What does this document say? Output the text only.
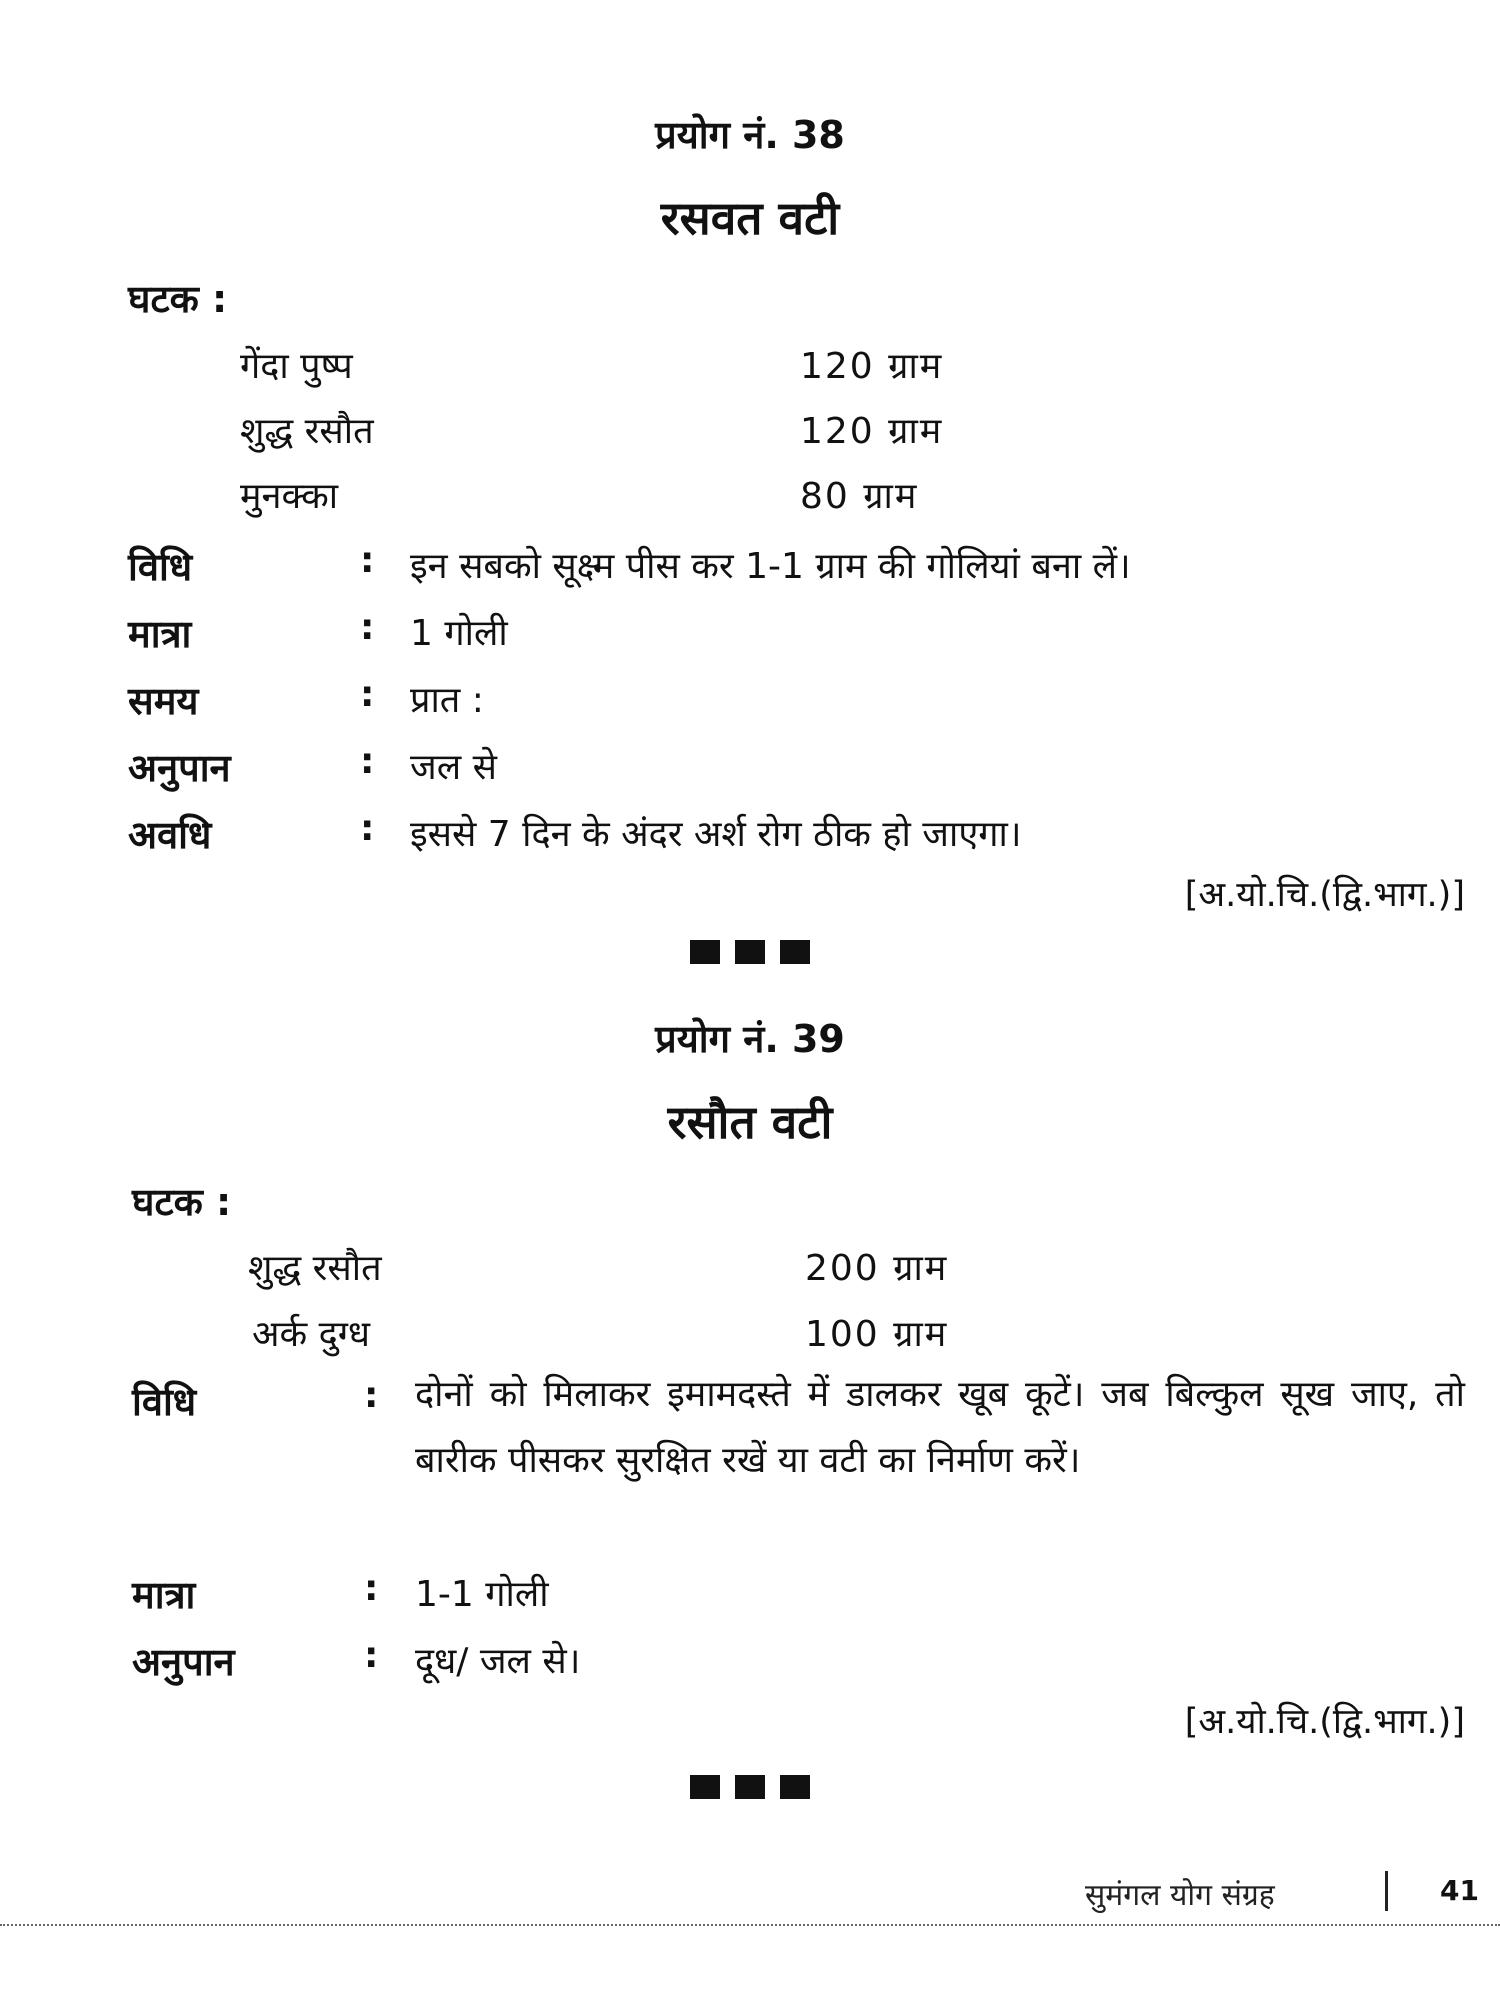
प्रयोग नं. 38
रसवत वटी
घटक :
गेंदा पुष्प	120 ग्राम
शुद्ध रसौत	120 ग्राम
मुनक्का	80 ग्राम
विधि	: इन सबको सूक्ष्म पीस कर 1-1 ग्राम की गोलियां बना लें।
मात्रा	: 1 गोली
समय	: प्रात :
अनुपान	: जल से
अवधि	: इससे 7 दिन के अंदर अर्श रोग ठीक हो जाएगा।
[अ.यो.चि.(द्वि.भाग.)]
प्रयोग नं. 39
रसौत वटी
घटक :
शुद्ध रसौत	200 ग्राम
अर्क दुग्ध	100 ग्राम
विधि	: दोनों को मिलाकर इमामदस्ते में डालकर खूब कूटें। जब बिल्कुल सूख जाए, तो बारीक पीसकर सुरक्षित रखें या वटी का निर्माण करें।
मात्रा	: 1-1 गोली
अनुपान	: दूध/ जल से।
[अ.यो.चि.(द्वि.भाग.)]
सुमंगल योग संग्रह	41
